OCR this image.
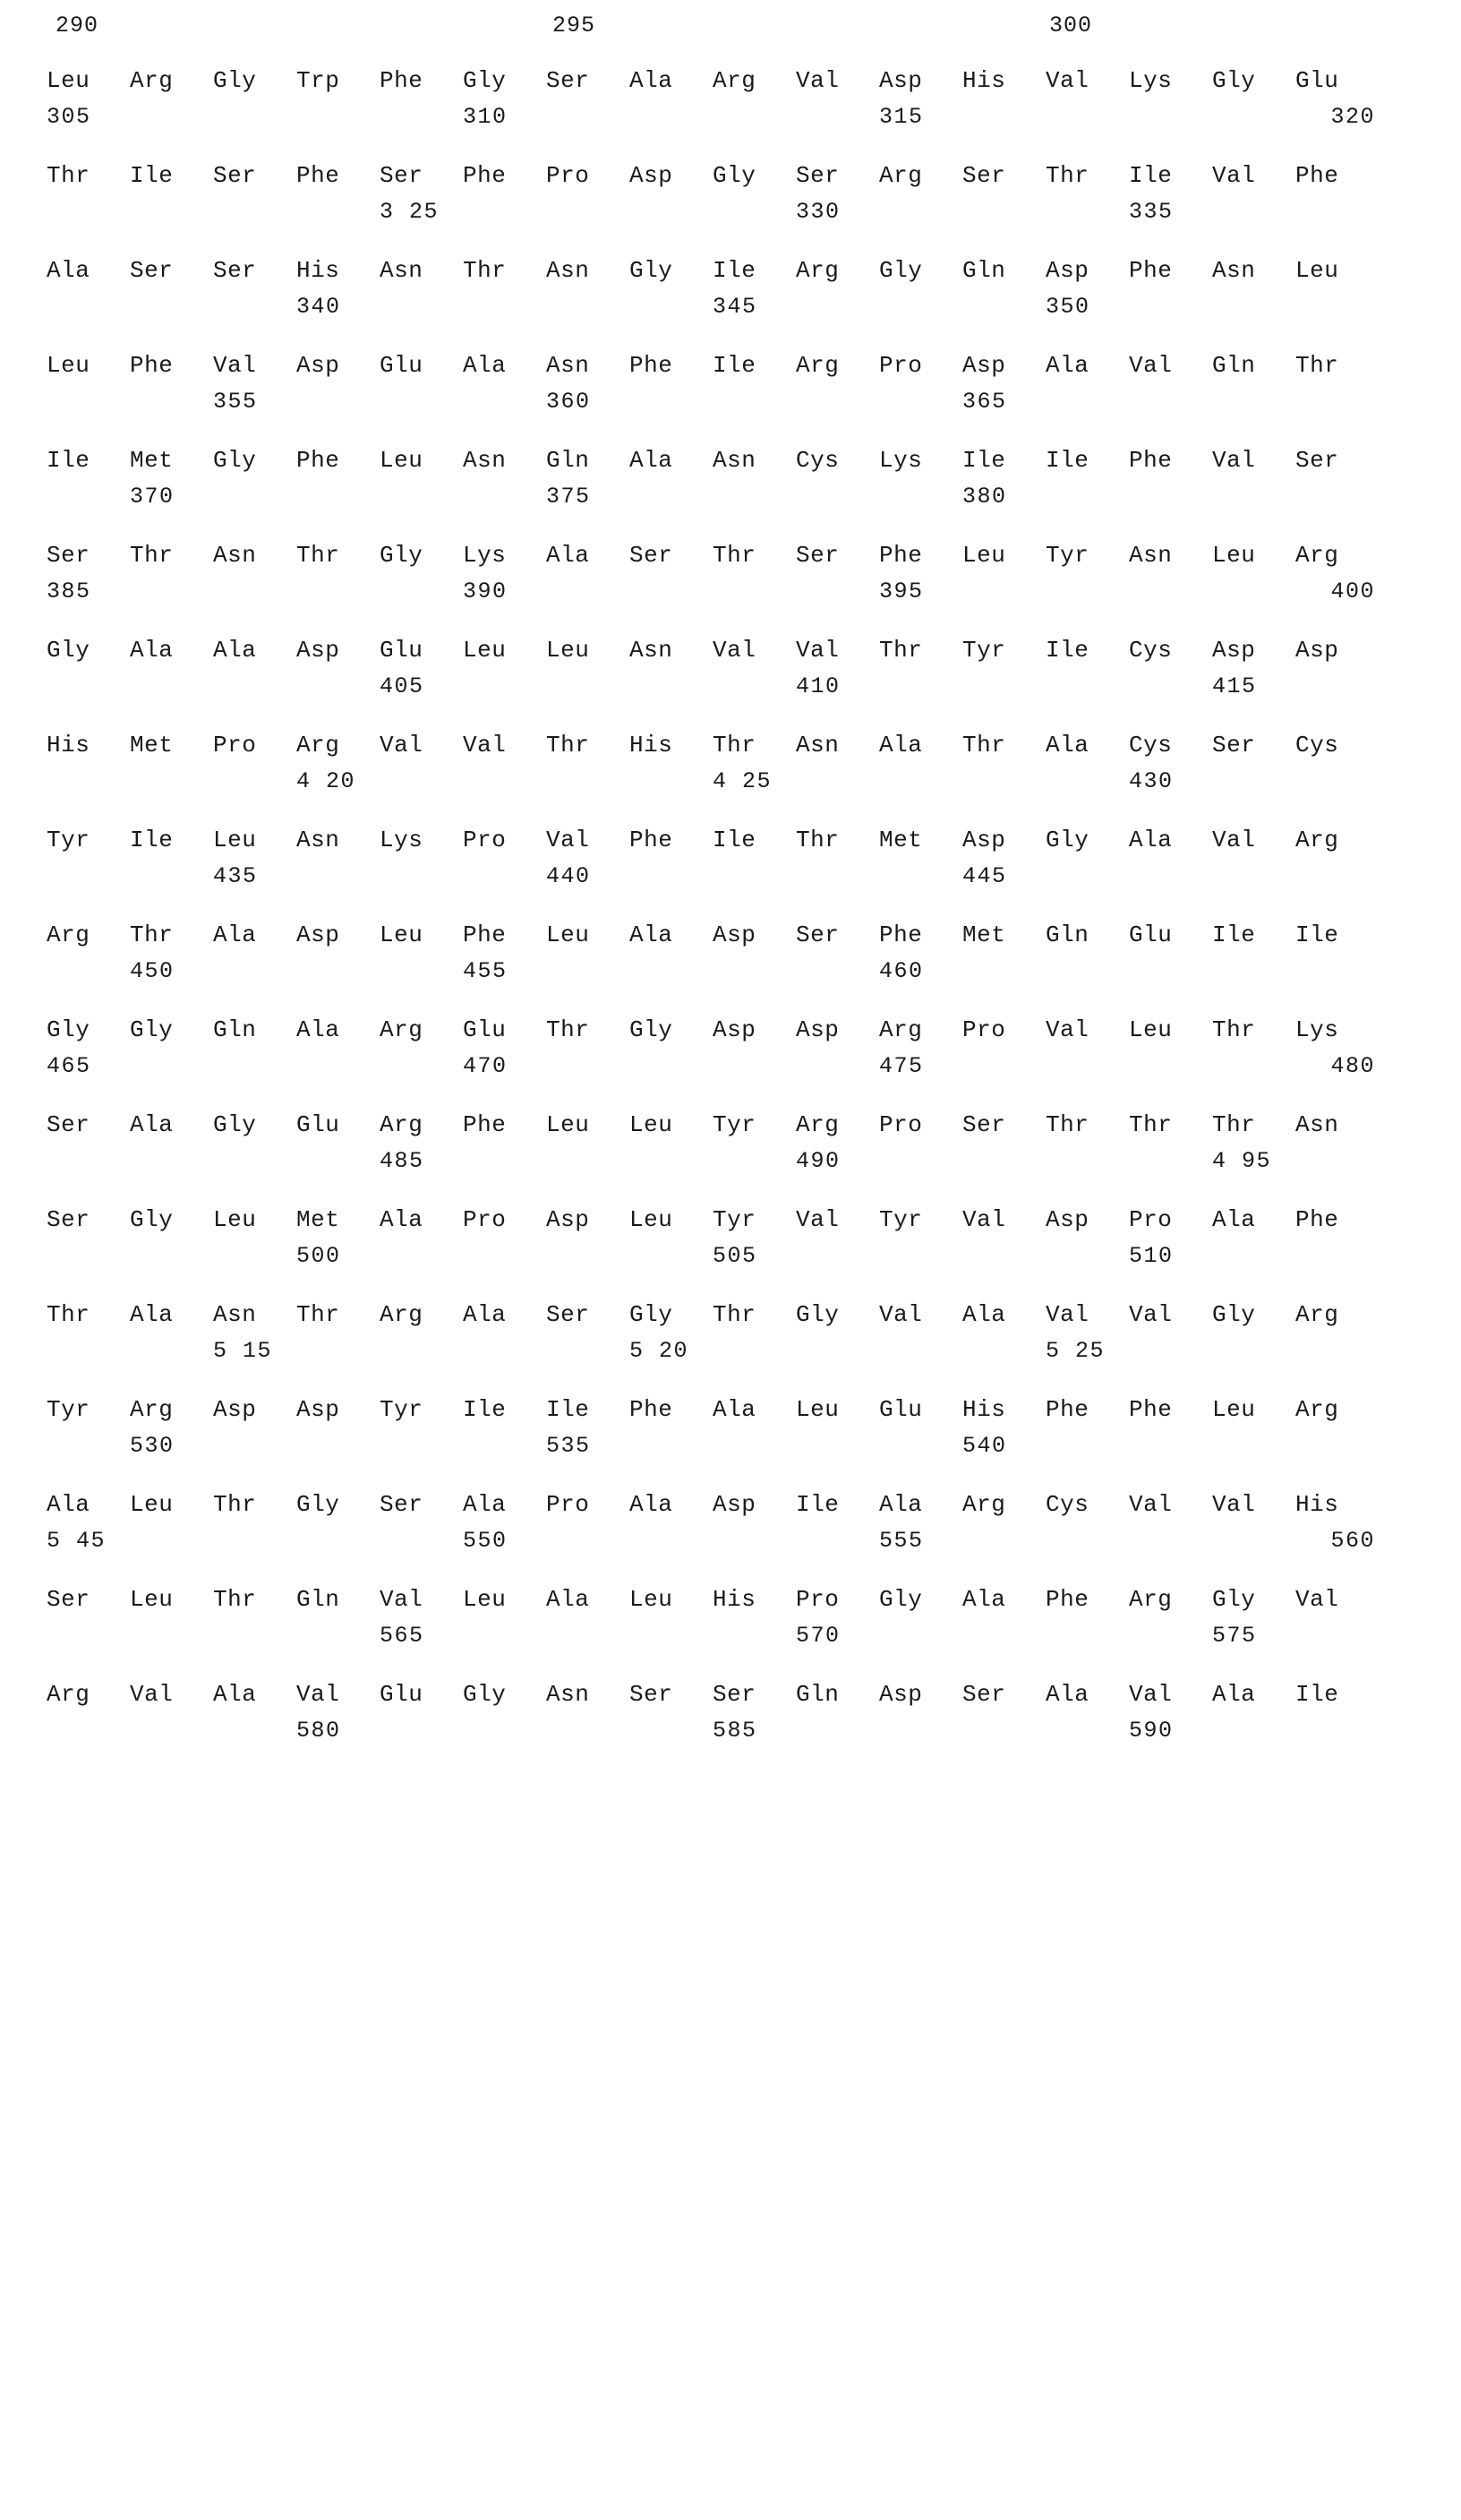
290	295	300
Leu	Arg	Gly	Trp	Phe	Gly	Ser	Ala	Arg	Val	Asp	His	Val	Lys	Gly	Glu
305	310	315	320
Thr	Ile	Ser	Phe	Ser	Phe	Pro	Asp	Gly	Ser	Arg	Ser	Thr	Ile	Val	Phe
3 25	330	335
Ala	Ser	Ser	His	Asn	Thr	Asn	Gly	Ile	Arg	Gly	Gln	Asp	Phe	Asn	Leu
340	345	350
Leu	Phe	Val	Asp	Glu	Ala	Asn	Phe	Ile	Arg	Pro	Asp	Ala	Val	Gln	Thr
355	360	365
Ile	Met	Gly	Phe	Leu	Asn	Gln	Ala	Asn	Cys	Lys	Ile	Ile	Phe	Val	Ser
370	375	380
Ser	Thr	Asn	Thr	Gly	Lys	Ala	Ser	Thr	Ser	Phe	Leu	Tyr	Asn	Leu	Arg
385	390	395	400
Gly	Ala	Ala	Asp	Glu	Leu	Leu	Asn	Val	Val	Thr	Tyr	Ile	Cys	Asp	Asp
405	410	415
His	Met	Pro	Arg	Val	Val	Thr	His	Thr	Asn	Ala	Thr	Ala	Cys	Ser	Cys
4 20	4 25	430
Tyr	Ile	Leu	Asn	Lys	Pro	Val	Phe	Ile	Thr	Met	Asp	Gly	Ala	Val	Arg
435	440	445
Arg	Thr	Ala	Asp	Leu	Phe	Leu	Ala	Asp	Ser	Phe	Met	Gln	Glu	Ile	Ile
450	455	460
Gly	Gly	Gln	Ala	Arg	Glu	Thr	Gly	Asp	Asp	Arg	Pro	Val	Leu	Thr	Lys
465	470	475	480
Ser	Ala	Gly	Glu	Arg	Phe	Leu	Leu	Tyr	Arg	Pro	Ser	Thr	Thr	Thr	Asn
485	490	4 95
Ser	Gly	Leu	Met	Ala	Pro	Asp	Leu	Tyr	Val	Tyr	Val	Asp	Pro	Ala	Phe
500	505	510
Thr	Ala	Asn	Thr	Arg	Ala	Ser	Gly	Thr	Gly	Val	Ala	Val	Val	Gly	Arg
5 15	5 20	5 25
Tyr	Arg	Asp	Asp	Tyr	Ile	Ile	Phe	Ala	Leu	Glu	His	Phe	Phe	Leu	Arg
530	535	540
Ala	Leu	Thr	Gly	Ser	Ala	Pro	Ala	Asp	Ile	Ala	Arg	Cys	Val	Val	His
5 45	550	555	560
Ser	Leu	Thr	Gln	Val	Leu	Ala	Leu	His	Pro	Gly	Ala	Phe	Arg	Gly	Val
565	570	575
Arg	Val	Ala	Val	Glu	Gly	Asn	Ser	Ser	Gln	Asp	Ser	Ala	Val	Ala	Ile
580	585	590
